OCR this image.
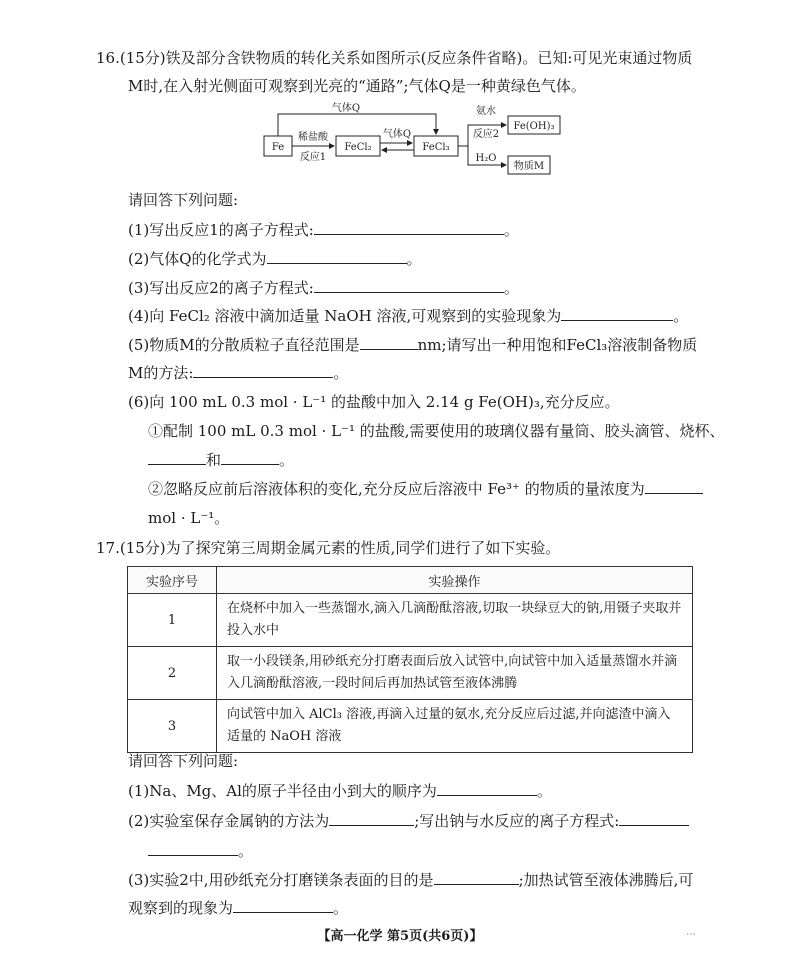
16.(15分)铁及部分含铁物质的转化关系如图所示(反应条件省略)。已知:可见光束通过物质
M时,在入射光侧面可观察到光亮的“通路”;气体Q是一种黄绿色气体。
Fe	FeCl₂	FeCl₃
Fe(OH)₃
物质M
气体Q
稀盐酸
反应1
气体Q
氨水
反应2
H₂O
请回答下列问题:
(1)写出反应1的离子方程式:	。
(2)气体Q的化学式为	。
(3)写出反应2的离子方程式:	。
(4)向 FeCl₂ 溶液中滴加适量 NaOH 溶液,可观察到的实验现象为	。
(5)物质M的分散质粒子直径范围是	nm;请写出一种用饱和FeCl₃溶液制备物质
M的方法:	。
(6)向 100 mL 0.3 mol · L⁻¹ 的盐酸中加入 2.14 g Fe(OH)₃,充分反应。
①配制 100 mL 0.3 mol · L⁻¹ 的盐酸,需要使用的玻璃仪器有量筒、胶头滴管、烧杯、
和	。
②忽略反应前后溶液体积的变化,充分反应后溶液中 Fe³⁺ 的物质的量浓度为
mol · L⁻¹。
17.(15分)为了探究第三周期金属元素的性质,同学们进行了如下实验。
实验序号	实验操作
1	在烧杯中加入一些蒸馏水,滴入几滴酚酞溶液,切取一块绿豆大的钠,用镊子夹取并投入水中
2	取一小段镁条,用砂纸充分打磨表面后放入试管中,向试管中加入适量蒸馏水并滴入几滴酚酞溶液,一段时间后再加热试管至液体沸腾
3	向试管中加入 AlCl₃ 溶液,再滴入过量的氨水,充分反应后过滤,并向滤渣中滴入适量的 NaOH 溶液
请回答下列问题:
(1)Na、Mg、Al的原子半径由小到大的顺序为	。
(2)实验室保存金属钠的方法为	;写出钠与水反应的离子方程式:
。
(3)实验2中,用砂纸充分打磨镁条表面的目的是	;加热试管至液体沸腾后,可
观察到的现象为	。
【高一化学 第5页(共6页)】	⋯
